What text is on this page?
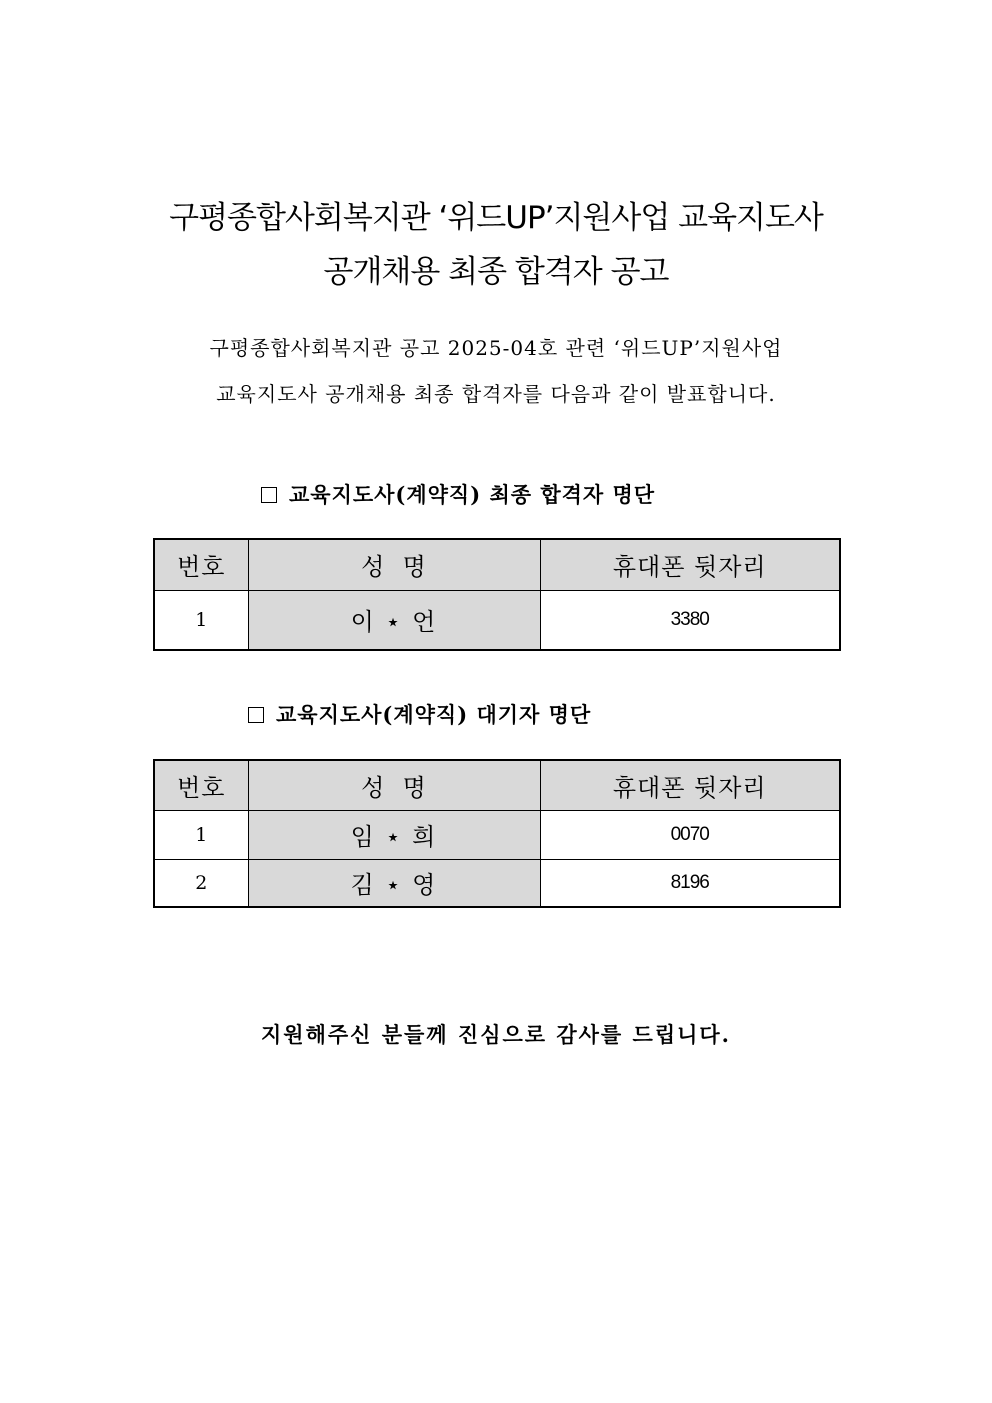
구평종합사회복지관 ‘위드UP’지원사업 교육지도사
공개채용 최종 합격자 공고
구평종합사회복지관 공고 2025-04호 관련 ‘위드UP’지원사업
교육지도사 공개채용 최종 합격자를 다음과 같이 발표합니다.
교육지도사(계약직) 최종 합격자 명단
번호	성  명	휴대폰 뒷자리
1	이 ⋆ 언	3380
교육지도사(계약직) 대기자 명단
번호	성  명	휴대폰 뒷자리
1	임 ⋆ 희	0070
2	김 ⋆ 영	8196
지원해주신 분들께 진심으로 감사를 드립니다.
